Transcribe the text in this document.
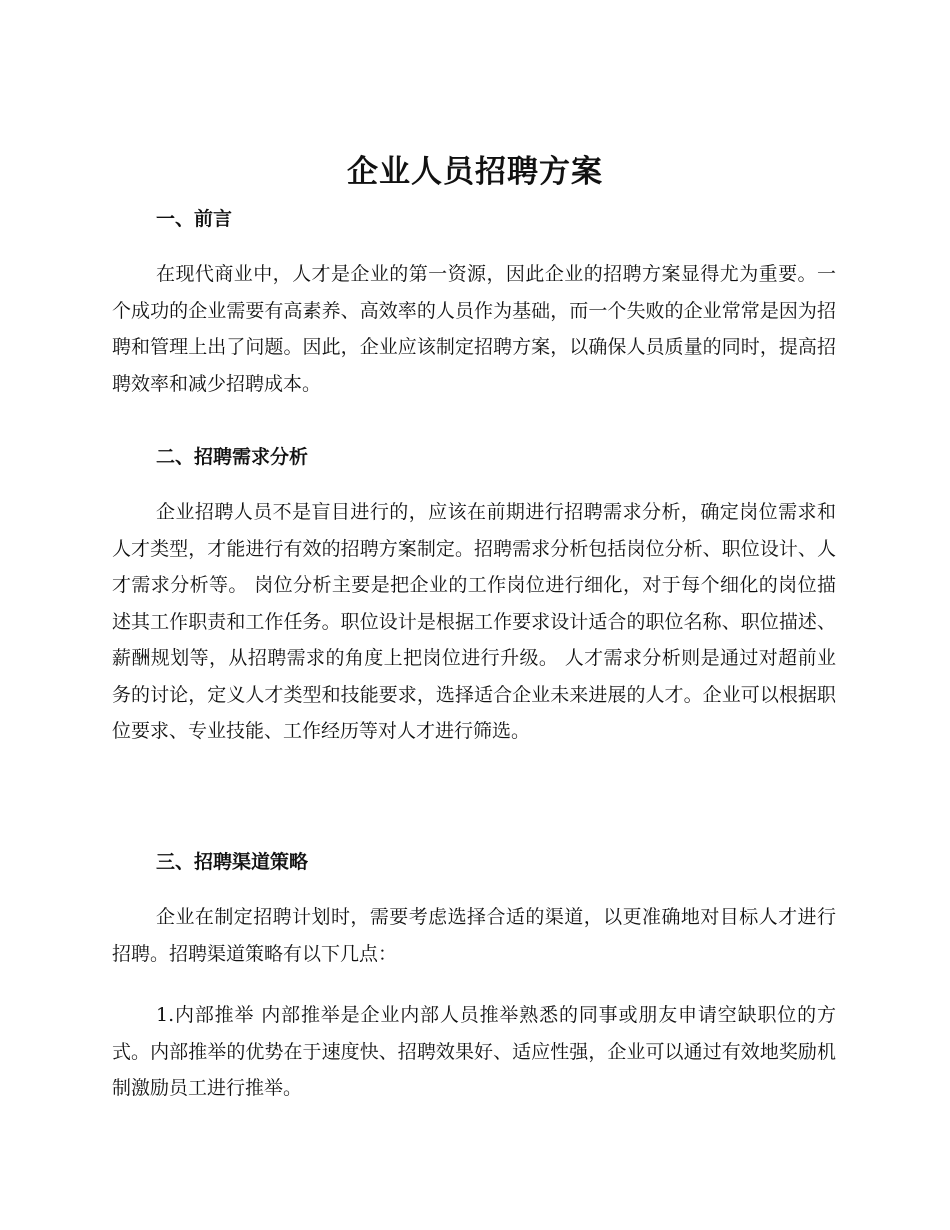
企业人员招聘方案
一、前言

在现代商业中，人才是企业的第一资源，因此企业的招聘方案显得尤为重要。一个成功的企业需要有高素养、高效率的人员作为基础，而一个失败的企业常常是因为招聘和管理上出了问题。因此，企业应该制定招聘方案，以确保人员质量的同时，提高招聘效率和减少招聘成本。

二、招聘需求分析

企业招聘人员不是盲目进行的，应该在前期进行招聘需求分析，确定岗位需求和人才类型，才能进行有效的招聘方案制定。招聘需求分析包括岗位分析、职位设计、人才需求分析等。 岗位分析主要是把企业的工作岗位进行细化，对于每个细化的岗位描述其工作职责和工作任务。职位设计是根据工作要求设计适合的职位名称、职位描述、薪酬规划等，从招聘需求的角度上把岗位进行升级。 人才需求分析则是通过对超前业务的讨论，定义人才类型和技能要求，选择适合企业未来进展的人才。企业可以根据职位要求、专业技能、工作经历等对人才进行筛选。

三、招聘渠道策略

企业在制定招聘计划时，需要考虑选择合适的渠道，以更准确地对目标人才进行招聘。招聘渠道策略有以下几点：

1.内部推举 内部推举是企业内部人员推举熟悉的同事或朋友申请空缺职位的方式。内部推举的优势在于速度快、招聘效果好、适应性强，企业可以通过有效地奖励机制激励员工进行推举。
